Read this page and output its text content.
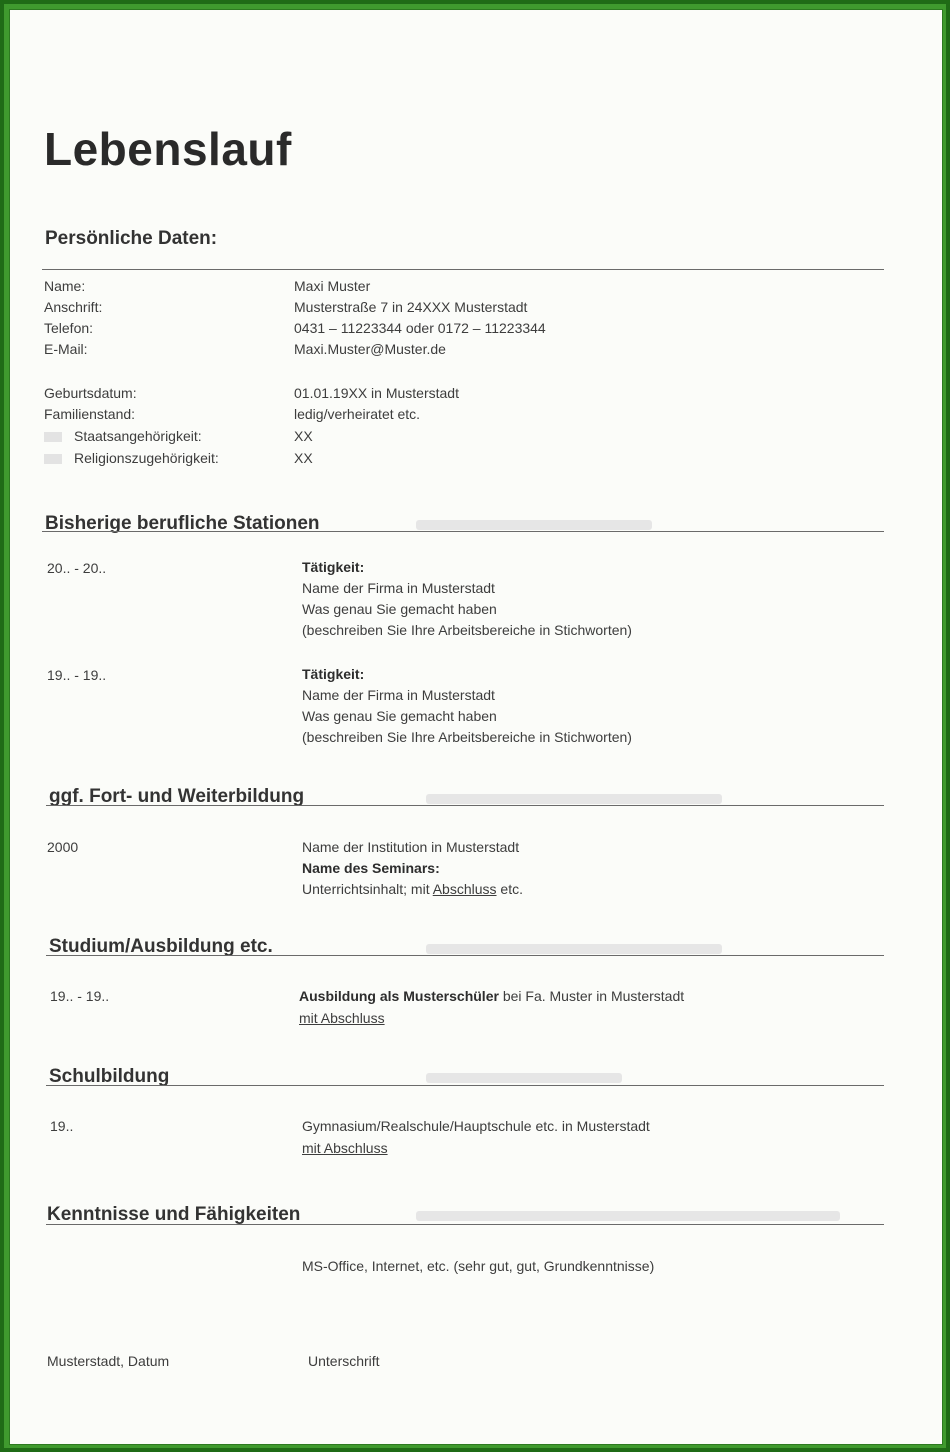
Lebenslauf
Persönliche Daten:
Name:	Maxi Muster
Anschrift:	Musterstraße 7 in 24XXX Musterstadt
Telefon:	0431 – 11223344 oder 0172 – 11223344
E-Mail:	Maxi.Muster@Muster.de
Geburtsdatum:	01.01.19XX in Musterstadt
Familienstand:	ledig/verheiratet etc.
Staatsangehörigkeit:	XX
Religionszugehörigkeit:	XX
Bisherige berufliche Stationen
20.. - 20..	Tätigkeit:
Name der Firma in Musterstadt
Was genau Sie gemacht haben
(beschreiben Sie Ihre Arbeitsbereiche in Stichworten)
19.. - 19..	Tätigkeit:
Name der Firma in Musterstadt
Was genau Sie gemacht haben
(beschreiben Sie Ihre Arbeitsbereiche in Stichworten)
ggf. Fort- und Weiterbildung
2000	Name der Institution in Musterstadt
Name des Seminars:
Unterrichtsinhalt; mit Abschluss etc.
Studium/Ausbildung etc.
19.. - 19..	Ausbildung als Musterschüler bei Fa. Muster in Musterstadt
mit Abschluss
Schulbildung
19..	Gymnasium/Realschule/Hauptschule etc. in Musterstadt
mit Abschluss
Kenntnisse und Fähigkeiten
MS-Office, Internet, etc. (sehr gut, gut, Grundkenntnisse)
Musterstadt, Datum	Unterschrift
